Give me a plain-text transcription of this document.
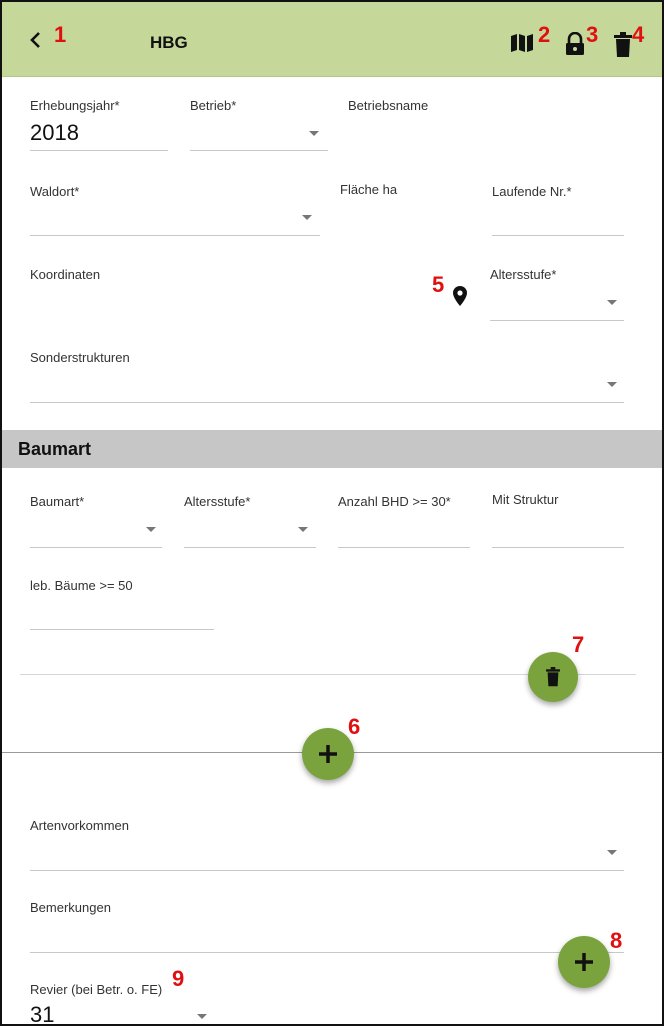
1	HBG	2 3 4
Erhebungsjahr*
2018
Betrieb*	Betriebsname
Waldort*	Fläche ha	Laufende Nr.*
Koordinaten	5	Altersstufe*
Sonderstrukturen
Baumart
Baumart*	Altersstufe*	Anzahl BHD >= 30*	Mit Struktur
leb. Bäume >= 50
7
6
Artenvorkommen
Bemerkungen
8
Revier (bei Betr. o. FE) 9
31
